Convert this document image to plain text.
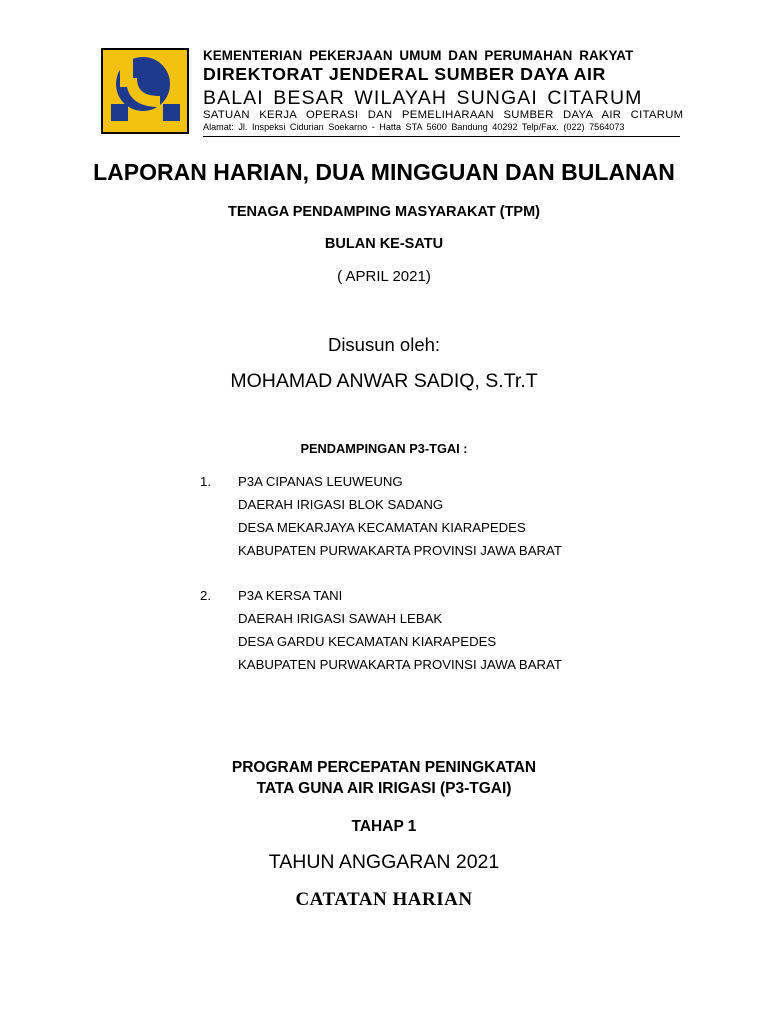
KEMENTERIAN PEKERJAAN UMUM DAN PERUMAHAN RAKYAT
DIREKTORAT JENDERAL SUMBER DAYA AIR
BALAI BESAR WILAYAH SUNGAI CITARUM
SATUAN KERJA OPERASI DAN PEMELIHARAAN SUMBER DAYA AIR CITARUM
Alamat: Jl. Inspeksi Cidurian Soekarno - Hatta STA 5600 Bandung 40292 Telp/Fax. (022) 7564073
LAPORAN HARIAN, DUA MINGGUAN DAN BULANAN
TENAGA PENDAMPING MASYARAKAT (TPM)
BULAN KE-SATU
( APRIL 2021)
Disusun oleh:
MOHAMAD ANWAR SADIQ, S.Tr.T
PENDAMPINGAN P3-TGAI :
1. P3A CIPANAS LEUWEUNG
DAERAH IRIGASI BLOK SADANG
DESA MEKARJAYA KECAMATAN KIARAPEDES
KABUPATEN PURWAKARTA PROVINSI JAWA BARAT
2. P3A KERSA TANI
DAERAH IRIGASI SAWAH LEBAK
DESA GARDU KECAMATAN KIARAPEDES
KABUPATEN PURWAKARTA PROVINSI JAWA BARAT
PROGRAM PERCEPATAN PENINGKATAN
TATA GUNA AIR IRIGASI (P3-TGAI)
TAHAP 1
TAHUN ANGGARAN 2021
CATATAN HARIAN
